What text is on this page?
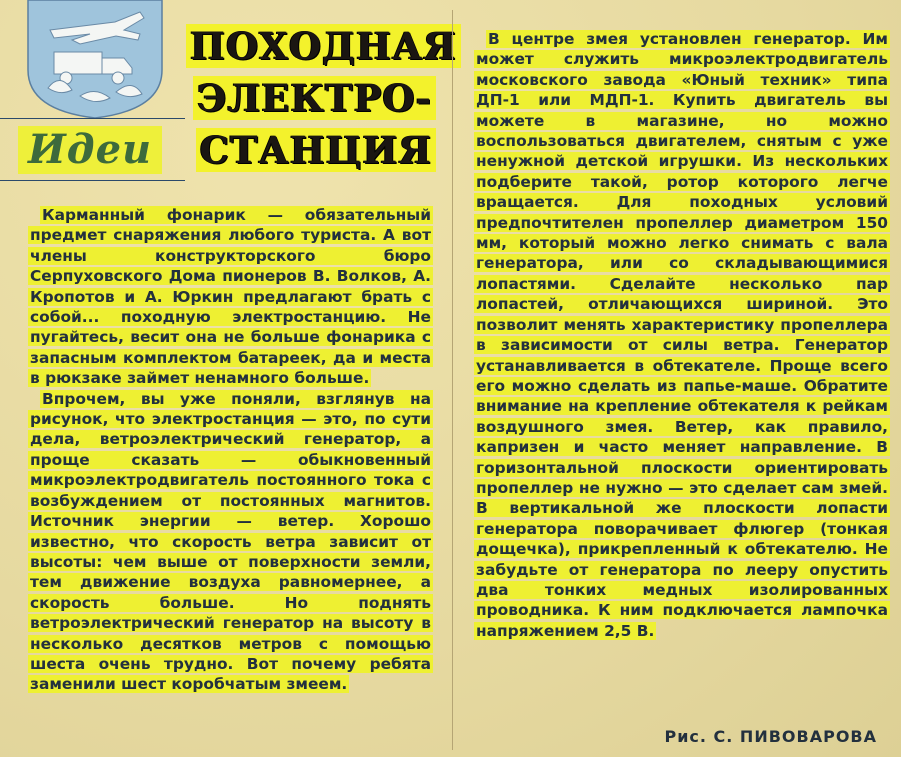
Идеи
ПОХОДНАЯ
ЭЛЕКТРО-
СТАНЦИЯ

Карманный фонарик — обязательный предмет снаряжения любого туриста. А вот члены конструкторского бюро Серпуховского Дома пионеров В. Волков, А. Кропотов и А. Юркин предлагают брать с собой... походную электростанцию. Не пугайтесь, весит она не больше фонарика с запасным комплектом батареек, да и места в рюкзаке займет ненамного больше.

Впрочем, вы уже поняли, взглянув на рисунок, что электростанция — это, по сути дела, ветроэлектрический генератор, а проще сказать — обыкновенный микроэлектродвигатель постоянного тока с возбуждением от постоянных магнитов. Источник энергии — ветер. Хорошо известно, что скорость ветра зависит от высоты: чем выше от поверхности земли, тем движение воздуха равномернее, а скорость больше. Но поднять ветроэлектрический генератор на высоту в несколько десятков метров с помощью шеста очень трудно. Вот почему ребята заменили шест коробчатым змеем.

В центре змея установлен генератор. Им может служить микроэлектродвигатель московского завода «Юный техник» типа ДП-1 или МДП-1. Купить двигатель вы можете в магазине, но можно воспользоваться двигателем, снятым с уже ненужной детской игрушки. Из нескольких подберите такой, ротор которого легче вращается. Для походных условий предпочтителен пропеллер диаметром 150 мм, который можно легко снимать с вала генератора, или со складывающимися лопастями. Сделайте несколько пар лопастей, отличающихся шириной. Это позволит менять характеристику пропеллера в зависимости от силы ветра. Генератор устанавливается в обтекателе. Проще всего его можно сделать из папье-маше. Обратите внимание на крепление обтекателя к рейкам воздушного змея. Ветер, как правило, капризен и часто меняет направление. В горизонтальной плоскости ориентировать пропеллер не нужно — это сделает сам змей. В вертикальной же плоскости лопасти генератора поворачивает флюгер (тонкая дощечка), прикрепленный к обтекателю. Не забудьте от генератора по лееру опустить два тонких медных изолированных проводника. К ним подключается лампочка напряжением 2,5 В.

Рис. С. ПИВОВАРОВА
